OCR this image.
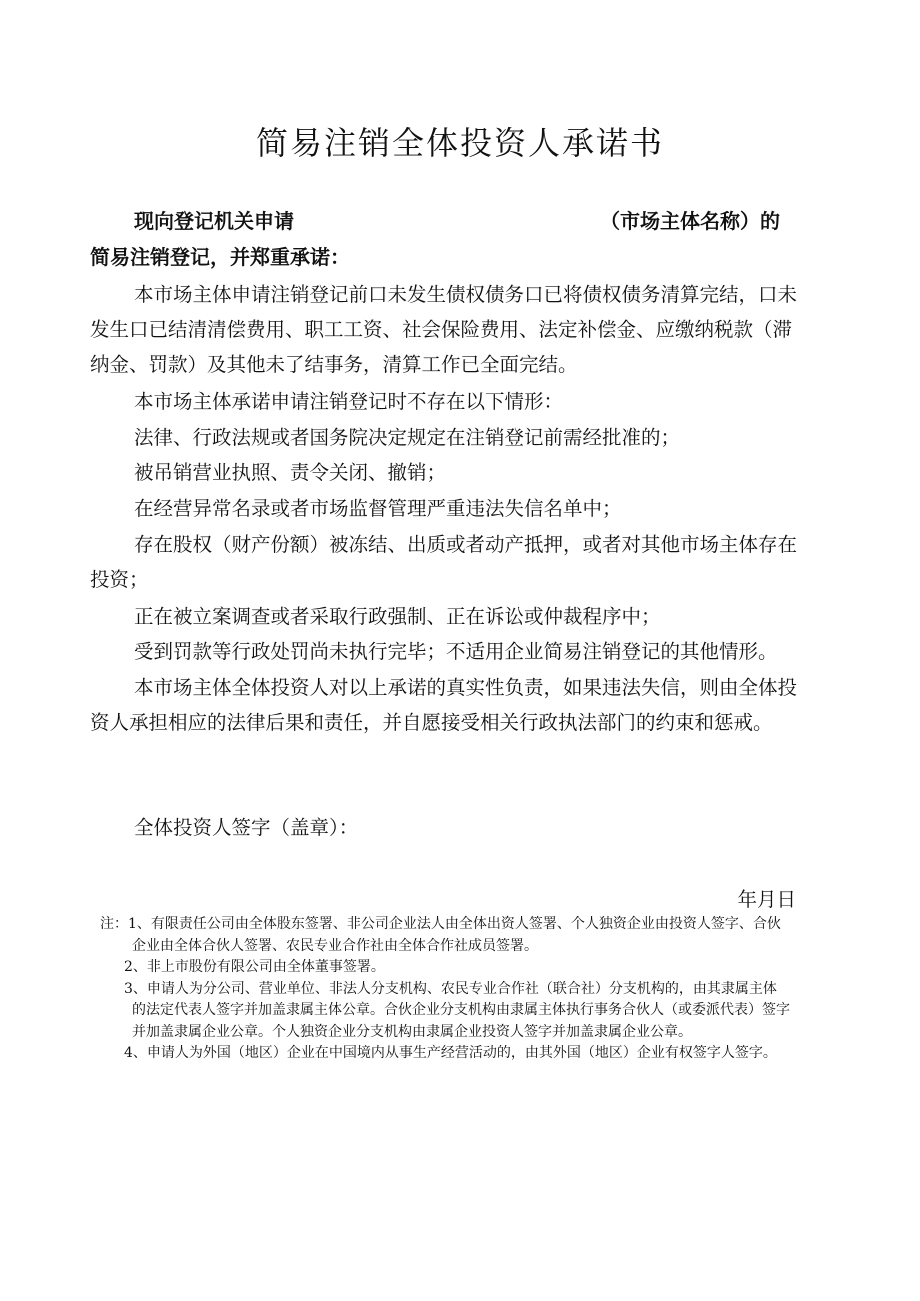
简易注销全体投资人承诺书
现向登记机关申请	（市场主体名称）的
简易注销登记，并郑重承诺：
本市场主体申请注销登记前口未发生债权债务口已将债权债务清算完结，口未发生口已结清清偿费用、职工工资、社会保险费用、法定补偿金、应缴纳税款（滞纳金、罚款）及其他未了结事务，清算工作已全面完结。
本市场主体承诺申请注销登记时不存在以下情形：
法律、行政法规或者国务院决定规定在注销登记前需经批准的；
被吊销营业执照、责令关闭、撤销；
在经营异常名录或者市场监督管理严重违法失信名单中；
存在股权（财产份额）被冻结、出质或者动产抵押，或者对其他市场主体存在投资；
正在被立案调查或者采取行政强制、正在诉讼或仲裁程序中；
受到罚款等行政处罚尚未执行完毕；不适用企业简易注销登记的其他情形。
本市场主体全体投资人对以上承诺的真实性负责，如果违法失信，则由全体投资人承担相应的法律后果和责任，并自愿接受相关行政执法部门的约束和惩戒。
全体投资人签字（盖章）：
年月日

注：1、有限责任公司由全体股东签署、非公司企业法人由全体出资人签署、个人独资企业由投资人签字、合伙企业由全体合伙人签署、农民专业合作社由全体合作社成员签署。

2、非上市股份有限公司由全体董事签署。

3、申请人为分公司、营业单位、非法人分支机构、农民专业合作社（联合社）分支机构的，由其隶属主体的法定代表人签字并加盖隶属主体公章。合伙企业分支机构由隶属主体执行事务合伙人（或委派代表）签字并加盖隶属企业公章。个人独资企业分支机构由隶属企业投资人签字并加盖隶属企业公章。

4、申请人为外国（地区）企业在中国境内从事生产经营活动的，由其外国（地区）企业有权签字人签字。
